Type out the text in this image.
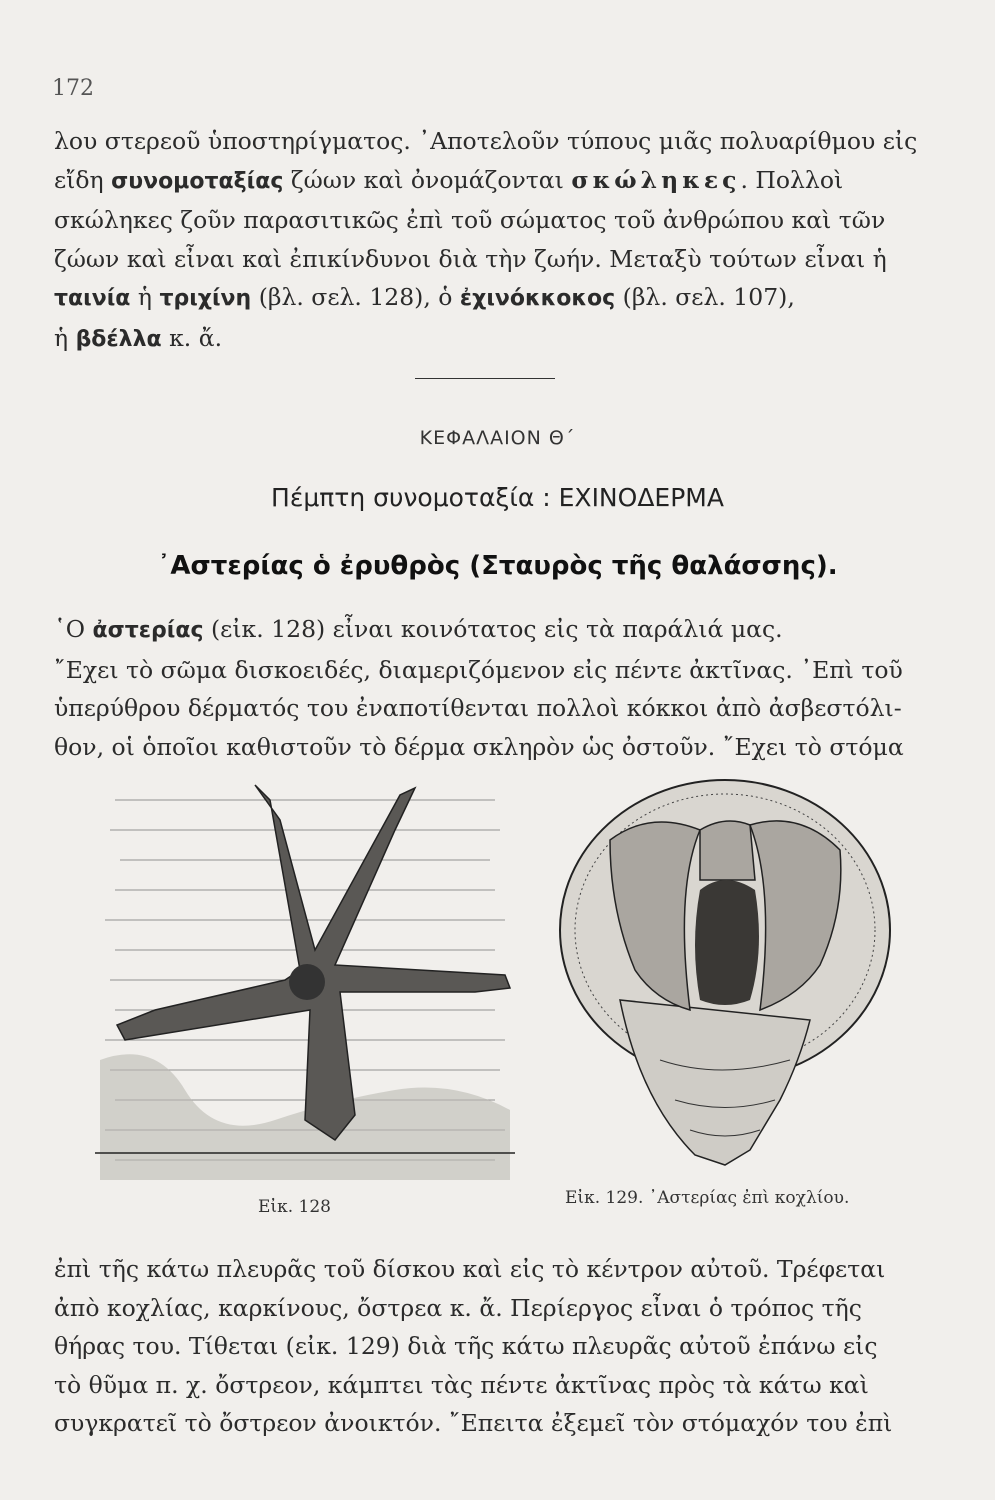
172
λου στερεοῦ ὑποστηρίγματος. ᾿Αποτελοῦν τύπους μιᾶς πολυαρίθμου εἰς
εἴδη συνομοταξίας ζώων καὶ ὀνομάζονται σκώληκες. Πολλοὶ
σκώληκες ζοῦν παρασιτικῶς ἐπὶ τοῦ σώματος τοῦ ἀνθρώπου καὶ τῶν
ζώων καὶ εἶναι καὶ ἐπικίνδυνοι διὰ τὴν ζωήν. Μεταξὺ τούτων εἶναι ἡ
ταινία ἡ τριχίνη (βλ. σελ. 128), ὁ ἐχινόκκοκος (βλ. σελ. 107),
ἡ βδέλλα κ. ἄ.
ΚΕΦΑΛΑΙΟΝ Θ΄
Πέμπτη συνομοταξία : ΕΧΙΝΟΔΕΡΜΑ
᾿Αστερίας ὁ ἐρυθρὸς (Σταυρὸς τῆς θαλάσσης).
῾Ο ἀστερίας (εἰκ. 128) εἶναι κοινότατος εἰς τὰ παράλιά μας.
῎Εχει τὸ σῶμα δισκοειδές, διαμεριζόμενον εἰς πέντε ἀκτῖνας. ᾿Επὶ τοῦ
ὑπερύθρου δέρματός του ἐναποτίθενται πολλοὶ κόκκοι ἀπὸ ἀσβεστόλι-
θον, οἱ ὁποῖοι καθιστοῦν τὸ δέρμα σκληρὸν ὡς ὀστοῦν. ῎Εχει τὸ στόμα
Εἰκ. 128	Εἰκ. 129. ᾿Αστερίας ἐπὶ κοχλίου.
ἐπὶ τῆς κάτω πλευρᾶς τοῦ δίσκου καὶ εἰς τὸ κέντρον αὐτοῦ. Τρέφεται
ἀπὸ κοχλίας, καρκίνους, ὄστρεα κ. ἄ. Περίεργος εἶναι ὁ τρόπος τῆς
θήρας του. Τίθεται (εἰκ. 129) διὰ τῆς κάτω πλευρᾶς αὐτοῦ ἐπάνω εἰς
τὸ θῦμα π. χ. ὄστρεον, κάμπτει τὰς πέντε ἀκτῖνας πρὸς τὰ κάτω καὶ
συγκρατεῖ τὸ ὄστρεον ἀνοικτόν. ῎Επειτα ἐξεμεῖ τὸν στόμαχόν του ἐπὶ
